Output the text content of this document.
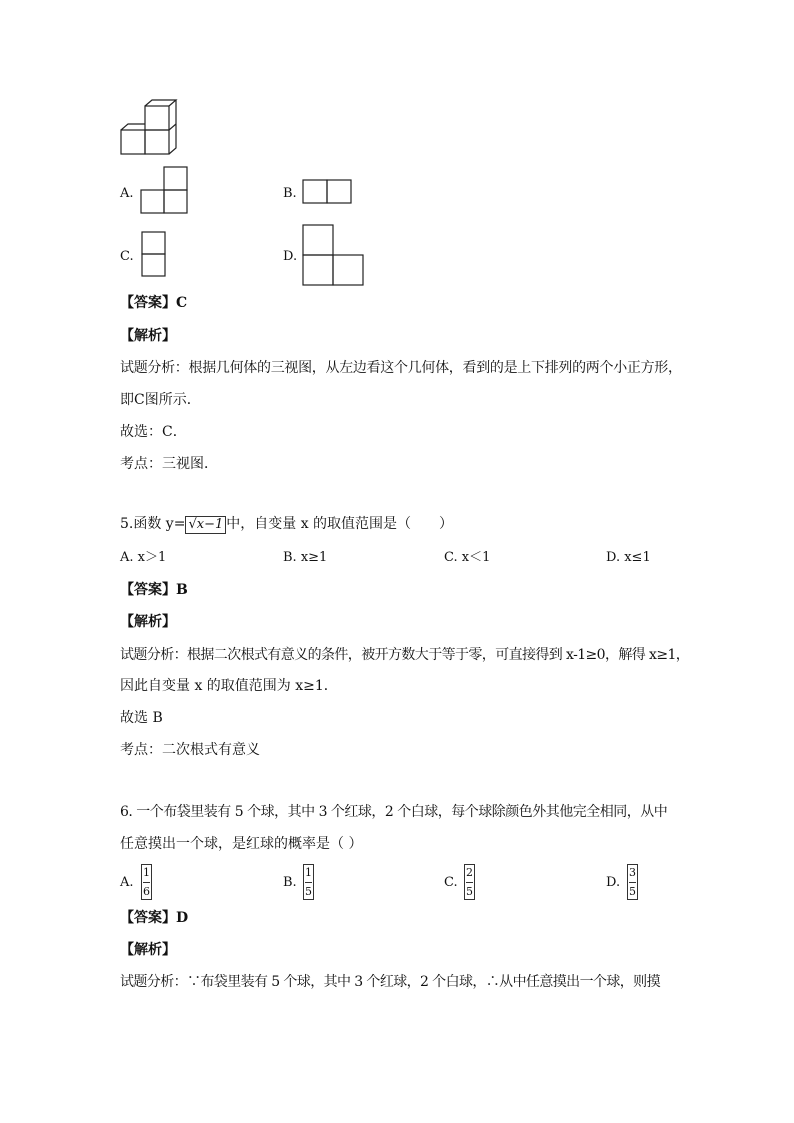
A.	B.
C.	D.
【答案】C
【解析】
试题分析：根据几何体的三视图，从左边看这个几何体，看到的是上下排列的两个小正方形，
即C图所示．
故选：C．
考点：三视图．
5.函数 y= √x−1 中，自变量 x 的取值范围是（　　）
A. x＞1	B. x≥1	C. x＜1	D. x≤1
【答案】B
【解析】
试题分析：根据二次根式有意义的条件，被开方数大于等于零，可直接得到 x-1≥0，解得 x≥1，
因此自变量 x 的取值范围为 x≥1．
故选 B
考点：二次根式有意义
6. 一个布袋里装有 5 个球，其中 3 个红球，2 个白球，每个球除颜色外其他完全相同，从中
任意摸出一个球，是红球的概率是（ ）
A.
1
6
B.
1
5
C.
2
5
D.
3
5
【答案】D
【解析】
试题分析：∵布袋里装有 5 个球，其中 3 个红球，2 个白球，∴从中任意摸出一个球，则摸
